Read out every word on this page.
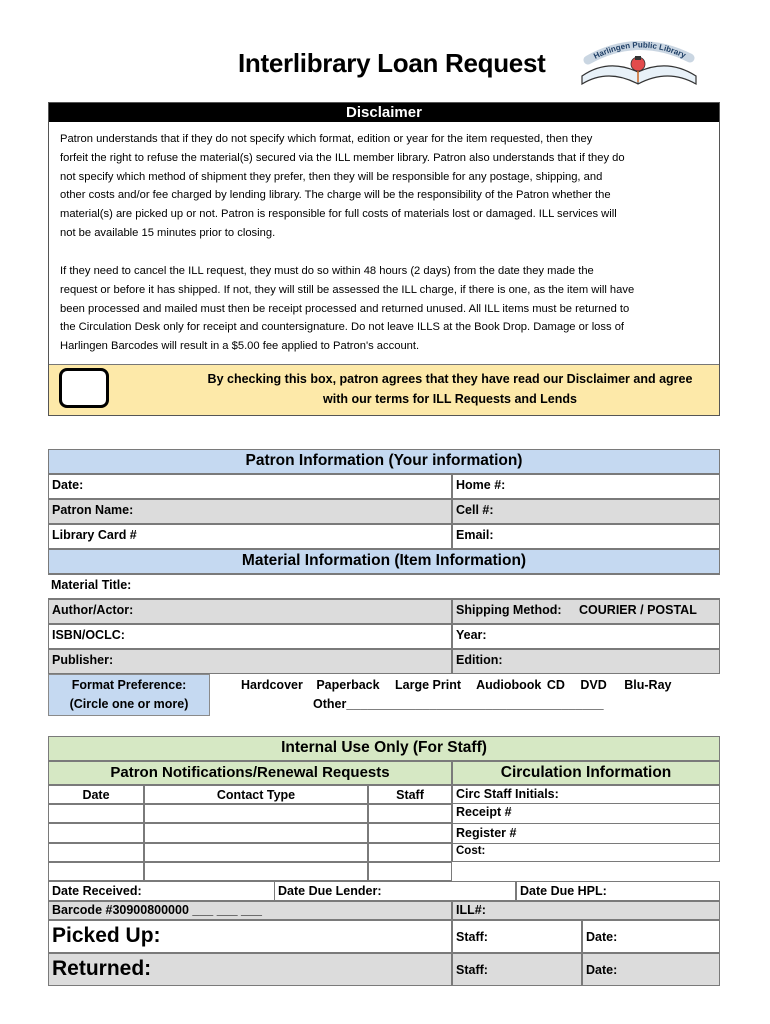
Interlibrary Loan Request	Harlingen Public Library
Disclaimer
Patron understands that if they do not specify which format, edition or year for the item requested, then they
forfeit the right to refuse the material(s) secured via the ILL member library. Patron also understands that if they do
not specify which method of shipment they prefer, then they will be responsible for any postage, shipping, and
other costs and/or fee charged by lending library. The charge will be the responsibility of the Patron whether the
material(s) are picked up or not. Patron is responsible for full costs of materials lost or damaged. ILL services will
not be available 15 minutes prior to closing.
If they need to cancel the ILL request, they must do so within 48 hours (2 days) from the date they made the
request or before it has shipped. If not, they will still be assessed the ILL charge, if there is one, as the item will have
been processed and mailed must then be receipt processed and returned unused. All ILL items must be returned to
the Circulation Desk only for receipt and countersignature. Do not leave ILLS at the Book Drop. Damage or loss of
Harlingen Barcodes will result in a $5.00 fee applied to Patron's account.
By checking this box, patron agrees that they have read our Disclaimer and agree
with our terms for ILL Requests and Lends
Patron Information (Your information)
Date:	Home #:
Patron Name:	Cell #:
Library Card #	Email:
Material Information (Item Information)
Material Title:
Author/Actor:	Shipping Method: COURIER / POSTAL
ISBN/OCLC:	Year:
Publisher:	Edition:
Format Preference:
(Circle one or more)
Hardcover Paperback Large Print Audiobook CD DVD Blu-Ray
Other_____________________________________
Internal Use Only (For Staff)
Patron Notifications/Renewal Requests	Circulation Information
Date	Contact Type	Staff	Circ Staff Initials:
Receipt #
Register #
Cost:
Date Received:	Date Due Lender:	Date Due HPL:
Barcode #30900800000 ___ ___ ___	ILL#:
Picked Up:	Staff:	Date:
Returned:	Staff:	Date:
